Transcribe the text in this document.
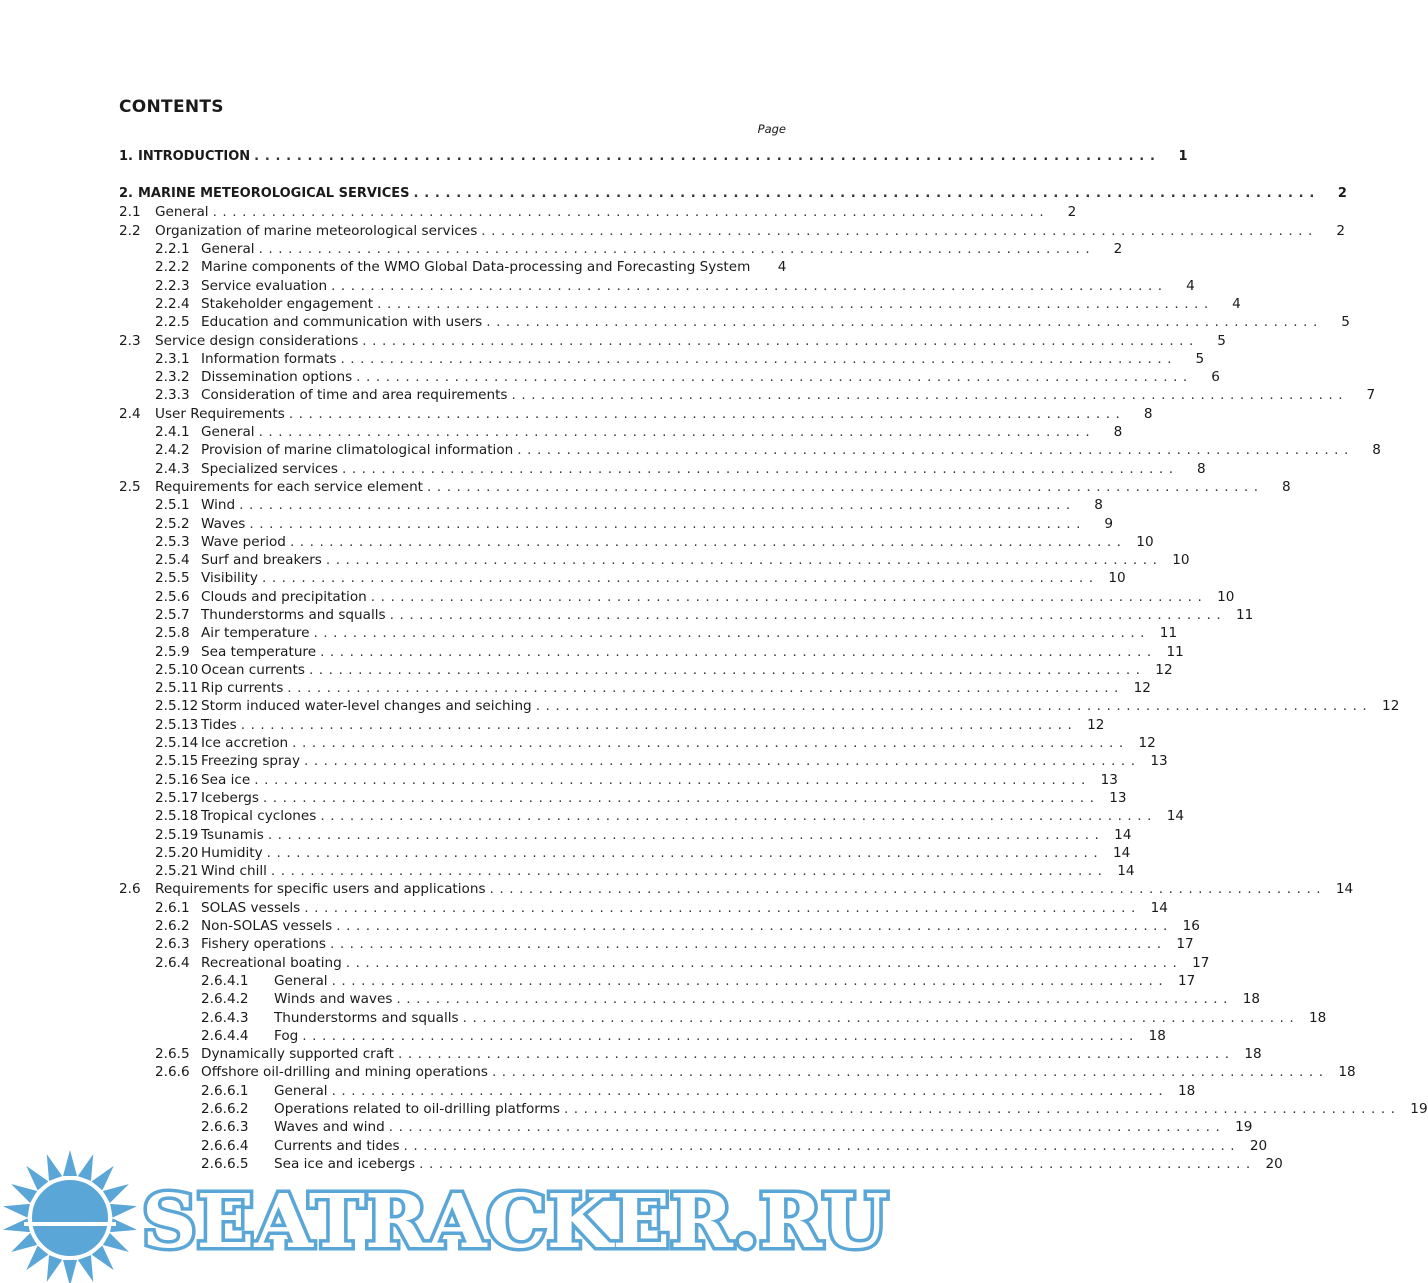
CONTENTS
Page
1. INTRODUCTION . . . . . . . . . . . . . . . . . . . . . . . . . . . . . . . . . . . . . . . . . . . . . . . . . . . . . . . . . . . . . . . . . . . . . . . . . . . . . . . . . . . . .	1
2. MARINE METEOROLOGICAL SERVICES . . . . . . . . . . . . . . . . . . . . . . . . . . . . . . . . . . . . . . . . . . . . . . . . . . . . . . . . . . . . . . . . . . . . . . . . . . . . . . . . . . . . .	2
2.1	General . . . . . . . . . . . . . . . . . . . . . . . . . . . . . . . . . . . . . . . . . . . . . . . . . . . . . . . . . . . . . . . . . . . . . . . . . . . . . . . . . . . . .	2
2.2	Organization of marine meteorological services . . . . . . . . . . . . . . . . . . . . . . . . . . . . . . . . . . . . . . . . . . . . . . . . . . . . . . . . . . . . . . . . . . . . . . . . . . . . . . . . . . . . .	2
2.2.1 General . . . . . . . . . . . . . . . . . . . . . . . . . . . . . . . . . . . . . . . . . . . . . . . . . . . . . . . . . . . . . . . . . . . . . . . . . . . . . . . . . . . . .	2
2.2.2 Marine components of the WMO Global Data-processing and Forecasting System	4
2.2.3 Service evaluation . . . . . . . . . . . . . . . . . . . . . . . . . . . . . . . . . . . . . . . . . . . . . . . . . . . . . . . . . . . . . . . . . . . . . . . . . . . . . . . . . . . . .	4
2.2.4 Stakeholder engagement . . . . . . . . . . . . . . . . . . . . . . . . . . . . . . . . . . . . . . . . . . . . . . . . . . . . . . . . . . . . . . . . . . . . . . . . . . . . . . . . . . . . .	4
2.2.5 Education and communication with users . . . . . . . . . . . . . . . . . . . . . . . . . . . . . . . . . . . . . . . . . . . . . . . . . . . . . . . . . . . . . . . . . . . . . . . . . . . . . . . . . . . . .	5
2.3	Service design considerations . . . . . . . . . . . . . . . . . . . . . . . . . . . . . . . . . . . . . . . . . . . . . . . . . . . . . . . . . . . . . . . . . . . . . . . . . . . . . . . . . . . . .	5
2.3.1 Information formats . . . . . . . . . . . . . . . . . . . . . . . . . . . . . . . . . . . . . . . . . . . . . . . . . . . . . . . . . . . . . . . . . . . . . . . . . . . . . . . . . . . . .	5
2.3.2 Dissemination options . . . . . . . . . . . . . . . . . . . . . . . . . . . . . . . . . . . . . . . . . . . . . . . . . . . . . . . . . . . . . . . . . . . . . . . . . . . . . . . . . . . . .	6
2.3.3 Consideration of time and area requirements . . . . . . . . . . . . . . . . . . . . . . . . . . . . . . . . . . . . . . . . . . . . . . . . . . . . . . . . . . . . . . . . . . . . . . . . . . . . . . . . . . . . .	7
2.4	User Requirements . . . . . . . . . . . . . . . . . . . . . . . . . . . . . . . . . . . . . . . . . . . . . . . . . . . . . . . . . . . . . . . . . . . . . . . . . . . . . . . . . . . . .	8
2.4.1 General . . . . . . . . . . . . . . . . . . . . . . . . . . . . . . . . . . . . . . . . . . . . . . . . . . . . . . . . . . . . . . . . . . . . . . . . . . . . . . . . . . . . .	8
2.4.2 Provision of marine climatological information . . . . . . . . . . . . . . . . . . . . . . . . . . . . . . . . . . . . . . . . . . . . . . . . . . . . . . . . . . . . . . . . . . . . . . . . . . . . . . . . . . . . .	8
2.4.3 Specialized services . . . . . . . . . . . . . . . . . . . . . . . . . . . . . . . . . . . . . . . . . . . . . . . . . . . . . . . . . . . . . . . . . . . . . . . . . . . . . . . . . . . . .	8
2.5	Requirements for each service element . . . . . . . . . . . . . . . . . . . . . . . . . . . . . . . . . . . . . . . . . . . . . . . . . . . . . . . . . . . . . . . . . . . . . . . . . . . . . . . . . . . . .	8
2.5.1 Wind . . . . . . . . . . . . . . . . . . . . . . . . . . . . . . . . . . . . . . . . . . . . . . . . . . . . . . . . . . . . . . . . . . . . . . . . . . . . . . . . . . . . .	8
2.5.2 Waves . . . . . . . . . . . . . . . . . . . . . . . . . . . . . . . . . . . . . . . . . . . . . . . . . . . . . . . . . . . . . . . . . . . . . . . . . . . . . . . . . . . . .	9
2.5.3 Wave period . . . . . . . . . . . . . . . . . . . . . . . . . . . . . . . . . . . . . . . . . . . . . . . . . . . . . . . . . . . . . . . . . . . . . . . . . . . . . . . . . . . . .	10
2.5.4 Surf and breakers . . . . . . . . . . . . . . . . . . . . . . . . . . . . . . . . . . . . . . . . . . . . . . . . . . . . . . . . . . . . . . . . . . . . . . . . . . . . . . . . . . . . .	10
2.5.5 Visibility . . . . . . . . . . . . . . . . . . . . . . . . . . . . . . . . . . . . . . . . . . . . . . . . . . . . . . . . . . . . . . . . . . . . . . . . . . . . . . . . . . . . .	10
2.5.6 Clouds and precipitation . . . . . . . . . . . . . . . . . . . . . . . . . . . . . . . . . . . . . . . . . . . . . . . . . . . . . . . . . . . . . . . . . . . . . . . . . . . . . . . . . . . . .	10
2.5.7 Thunderstorms and squalls . . . . . . . . . . . . . . . . . . . . . . . . . . . . . . . . . . . . . . . . . . . . . . . . . . . . . . . . . . . . . . . . . . . . . . . . . . . . . . . . . . . . .	11
2.5.8 Air temperature . . . . . . . . . . . . . . . . . . . . . . . . . . . . . . . . . . . . . . . . . . . . . . . . . . . . . . . . . . . . . . . . . . . . . . . . . . . . . . . . . . . . .	11
2.5.9 Sea temperature . . . . . . . . . . . . . . . . . . . . . . . . . . . . . . . . . . . . . . . . . . . . . . . . . . . . . . . . . . . . . . . . . . . . . . . . . . . . . . . . . . . . .	11
2.5.10 Ocean currents . . . . . . . . . . . . . . . . . . . . . . . . . . . . . . . . . . . . . . . . . . . . . . . . . . . . . . . . . . . . . . . . . . . . . . . . . . . . . . . . . . . . .	12
2.5.11 Rip currents . . . . . . . . . . . . . . . . . . . . . . . . . . . . . . . . . . . . . . . . . . . . . . . . . . . . . . . . . . . . . . . . . . . . . . . . . . . . . . . . . . . . .	12
2.5.12 Storm induced water-level changes and seiching . . . . . . . . . . . . . . . . . . . . . . . . . . . . . . . . . . . . . . . . . . . . . . . . . . . . . . . . . . . . . . . . . . . . . . . . . . . . . . . . . . . . .	12
2.5.13 Tides . . . . . . . . . . . . . . . . . . . . . . . . . . . . . . . . . . . . . . . . . . . . . . . . . . . . . . . . . . . . . . . . . . . . . . . . . . . . . . . . . . . . .	12
2.5.14 Ice accretion . . . . . . . . . . . . . . . . . . . . . . . . . . . . . . . . . . . . . . . . . . . . . . . . . . . . . . . . . . . . . . . . . . . . . . . . . . . . . . . . . . . . .	12
2.5.15 Freezing spray . . . . . . . . . . . . . . . . . . . . . . . . . . . . . . . . . . . . . . . . . . . . . . . . . . . . . . . . . . . . . . . . . . . . . . . . . . . . . . . . . . . . .	13
2.5.16 Sea ice . . . . . . . . . . . . . . . . . . . . . . . . . . . . . . . . . . . . . . . . . . . . . . . . . . . . . . . . . . . . . . . . . . . . . . . . . . . . . . . . . . . . .	13
2.5.17 Icebergs . . . . . . . . . . . . . . . . . . . . . . . . . . . . . . . . . . . . . . . . . . . . . . . . . . . . . . . . . . . . . . . . . . . . . . . . . . . . . . . . . . . . .	13
2.5.18 Tropical cyclones . . . . . . . . . . . . . . . . . . . . . . . . . . . . . . . . . . . . . . . . . . . . . . . . . . . . . . . . . . . . . . . . . . . . . . . . . . . . . . . . . . . . .	14
2.5.19 Tsunamis . . . . . . . . . . . . . . . . . . . . . . . . . . . . . . . . . . . . . . . . . . . . . . . . . . . . . . . . . . . . . . . . . . . . . . . . . . . . . . . . . . . . .	14
2.5.20 Humidity . . . . . . . . . . . . . . . . . . . . . . . . . . . . . . . . . . . . . . . . . . . . . . . . . . . . . . . . . . . . . . . . . . . . . . . . . . . . . . . . . . . . .	14
2.5.21 Wind chill . . . . . . . . . . . . . . . . . . . . . . . . . . . . . . . . . . . . . . . . . . . . . . . . . . . . . . . . . . . . . . . . . . . . . . . . . . . . . . . . . . . . .	14
2.6	Requirements for specific users and applications . . . . . . . . . . . . . . . . . . . . . . . . . . . . . . . . . . . . . . . . . . . . . . . . . . . . . . . . . . . . . . . . . . . . . . . . . . . . . . . . . . . . .	14
2.6.1 SOLAS vessels . . . . . . . . . . . . . . . . . . . . . . . . . . . . . . . . . . . . . . . . . . . . . . . . . . . . . . . . . . . . . . . . . . . . . . . . . . . . . . . . . . . . .	14
2.6.2 Non-SOLAS vessels . . . . . . . . . . . . . . . . . . . . . . . . . . . . . . . . . . . . . . . . . . . . . . . . . . . . . . . . . . . . . . . . . . . . . . . . . . . . . . . . . . . . .	16
2.6.3 Fishery operations . . . . . . . . . . . . . . . . . . . . . . . . . . . . . . . . . . . . . . . . . . . . . . . . . . . . . . . . . . . . . . . . . . . . . . . . . . . . . . . . . . . . .	17
2.6.4 Recreational boating . . . . . . . . . . . . . . . . . . . . . . . . . . . . . . . . . . . . . . . . . . . . . . . . . . . . . . . . . . . . . . . . . . . . . . . . . . . . . . . . . . . . .	17
2.6.4.1	General . . . . . . . . . . . . . . . . . . . . . . . . . . . . . . . . . . . . . . . . . . . . . . . . . . . . . . . . . . . . . . . . . . . . . . . . . . . . . . . . . . . . .	17
2.6.4.2	Winds and waves . . . . . . . . . . . . . . . . . . . . . . . . . . . . . . . . . . . . . . . . . . . . . . . . . . . . . . . . . . . . . . . . . . . . . . . . . . . . . . . . . . . . .	18
2.6.4.3	Thunderstorms and squalls . . . . . . . . . . . . . . . . . . . . . . . . . . . . . . . . . . . . . . . . . . . . . . . . . . . . . . . . . . . . . . . . . . . . . . . . . . . . . . . . . . . . .	18
2.6.4.4	Fog . . . . . . . . . . . . . . . . . . . . . . . . . . . . . . . . . . . . . . . . . . . . . . . . . . . . . . . . . . . . . . . . . . . . . . . . . . . . . . . . . . . . .	18
2.6.5 Dynamically supported craft . . . . . . . . . . . . . . . . . . . . . . . . . . . . . . . . . . . . . . . . . . . . . . . . . . . . . . . . . . . . . . . . . . . . . . . . . . . . . . . . . . . . .	18
2.6.6 Offshore oil-drilling and mining operations . . . . . . . . . . . . . . . . . . . . . . . . . . . . . . . . . . . . . . . . . . . . . . . . . . . . . . . . . . . . . . . . . . . . . . . . . . . . . . . . . . . . .	18
2.6.6.1	General . . . . . . . . . . . . . . . . . . . . . . . . . . . . . . . . . . . . . . . . . . . . . . . . . . . . . . . . . . . . . . . . . . . . . . . . . . . . . . . . . . . . .	18
2.6.6.2	Operations related to oil-drilling platforms . . . . . . . . . . . . . . . . . . . . . . . . . . . . . . . . . . . . . . . . . . . . . . . . . . . . . . . . . . . . . . . . . . . . . . . . . . . . . . . . . . . . .	19
2.6.6.3	Waves and wind . . . . . . . . . . . . . . . . . . . . . . . . . . . . . . . . . . . . . . . . . . . . . . . . . . . . . . . . . . . . . . . . . . . . . . . . . . . . . . . . . . . . .	19
2.6.6.4	Currents and tides . . . . . . . . . . . . . . . . . . . . . . . . . . . . . . . . . . . . . . . . . . . . . . . . . . . . . . . . . . . . . . . . . . . . . . . . . . . . . . . . . . . . .	20
2.6.6.5	Sea ice and icebergs . . . . . . . . . . . . . . . . . . . . . . . . . . . . . . . . . . . . . . . . . . . . . . . . . . . . . . . . . . . . . . . . . . . . . . . . . . . . . . . . . . . . .	20
SEATRACKER.RU
